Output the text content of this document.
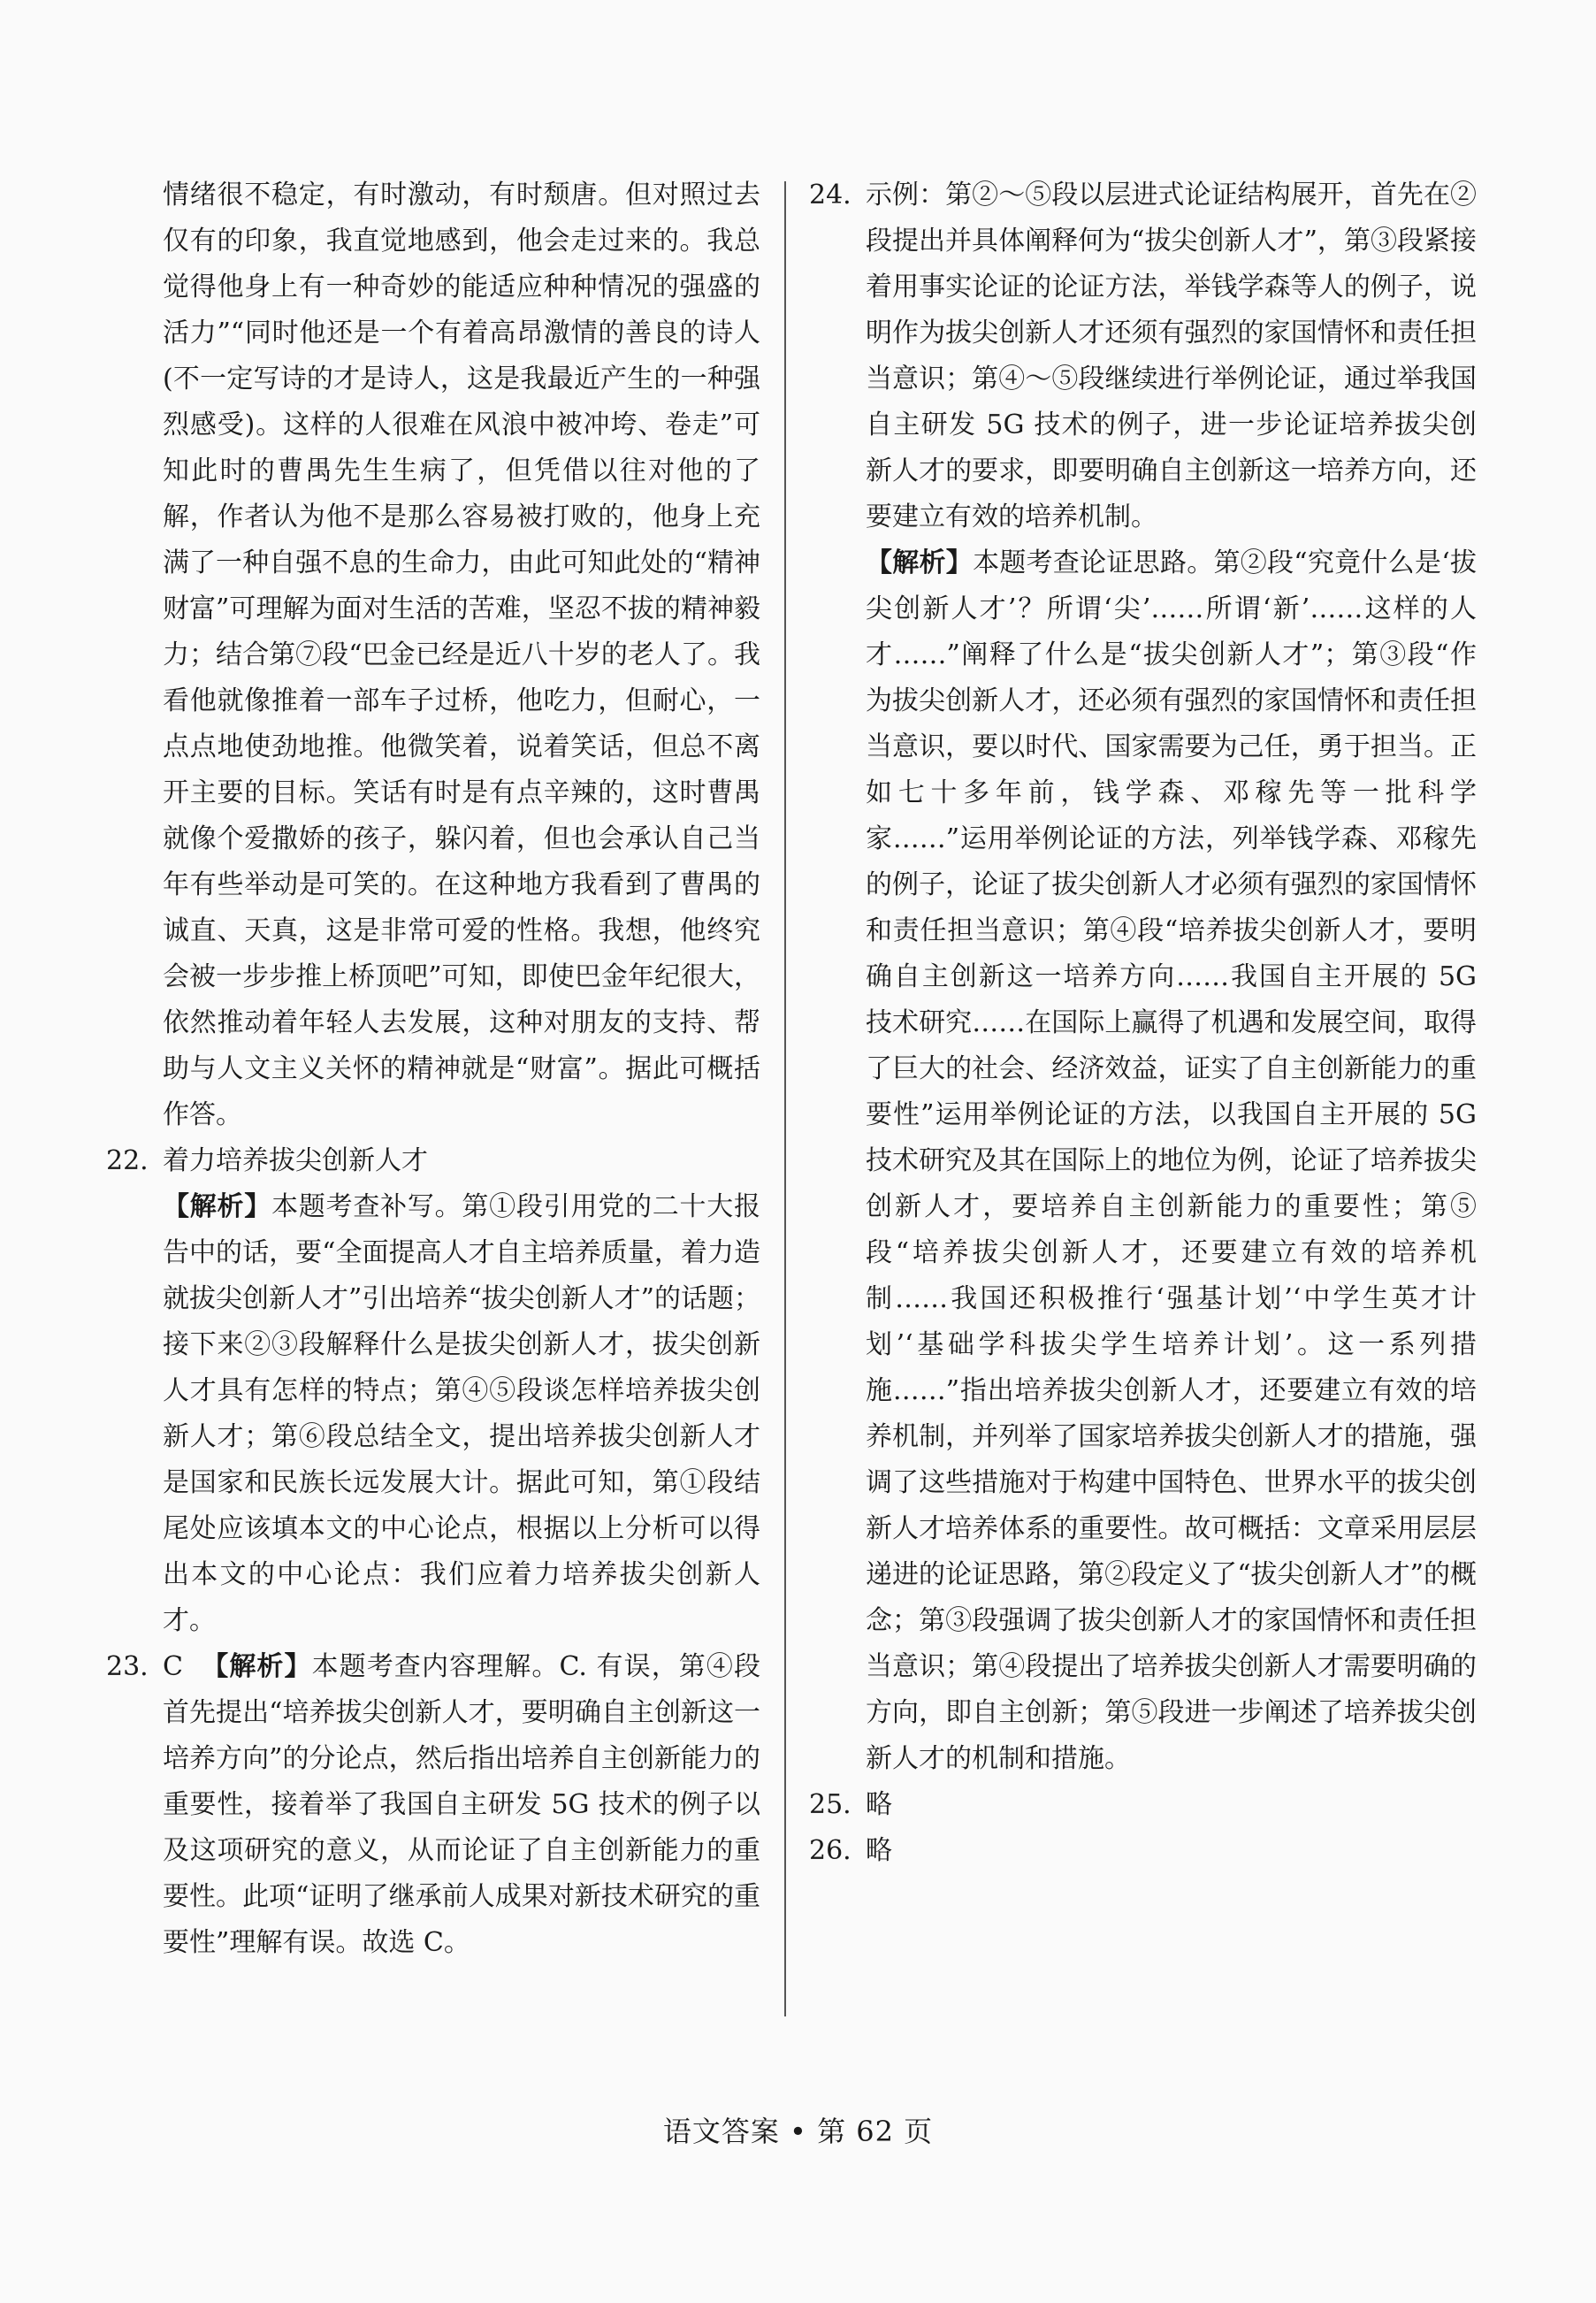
情绪很不稳定，有时激动，有时颓唐。但对照过去仅有的印象，我直觉地感到，他会走过来的。我总觉得他身上有一种奇妙的能适应种种情况的强盛的活力”“同时他还是一个有着高昂激情的善良的诗人(不一定写诗的才是诗人，这是我最近产生的一种强烈感受)。这样的人很难在风浪中被冲垮、卷走”可知此时的曹禺先生生病了，但凭借以往对他的了解，作者认为他不是那么容易被打败的，他身上充满了一种自强不息的生命力，由此可知此处的“精神财富”可理解为面对生活的苦难，坚忍不拔的精神毅力；结合第⑦段“巴金已经是近八十岁的老人了。我看他就像推着一部车子过桥，他吃力，但耐心，一点点地使劲地推。他微笑着，说着笑话，但总不离开主要的目标。笑话有时是有点辛辣的，这时曹禺就像个爱撒娇的孩子，躲闪着，但也会承认自己当年有些举动是可笑的。在这种地方我看到了曹禺的诚直、天真，这是非常可爱的性格。我想，他终究会被一步步推上桥顶吧”可知，即使巴金年纪很大，依然推动着年轻人去发展，这种对朋友的支持、帮助与人文主义关怀的精神就是“财富”。据此可概括作答。

22. 着力培养拔尖创新人才
【解析】本题考查补写。第①段引用党的二十大报告中的话，要“全面提高人才自主培养质量，着力造就拔尖创新人才”引出培养“拔尖创新人才”的话题；接下来②③段解释什么是拔尖创新人才，拔尖创新人才具有怎样的特点；第④⑤段谈怎样培养拔尖创新人才；第⑥段总结全文，提出培养拔尖创新人才是国家和民族长远发展大计。据此可知，第①段结尾处应该填本文的中心论点，根据以上分析可以得出本文的中心论点：我们应着力培养拔尖创新人才。
23. C 【解析】本题考查内容理解。C. 有误，第④段首先提出“培养拔尖创新人才，要明确自主创新这一培养方向”的分论点，然后指出培养自主创新能力的重要性，接着举了我国自主研发 5G 技术的例子以及这项研究的意义，从而论证了自主创新能力的重要性。此项“证明了继承前人成果对新技术研究的重要性”理解有误。故选 C。
24. 示例：第②～⑤段以层进式论证结构展开，首先在②段提出并具体阐释何为“拔尖创新人才”，第③段紧接着用事实论证的论证方法，举钱学森等人的例子，说明作为拔尖创新人才还须有强烈的家国情怀和责任担当意识；第④～⑤段继续进行举例论证，通过举我国自主研发 5G 技术的例子，进一步论证培养拔尖创新人才的要求，即要明确自主创新这一培养方向，还要建立有效的培养机制。
【解析】本题考查论证思路。第②段“究竟什么是‘拔尖创新人才’？所谓‘尖’……所谓‘新’……这样的人才……”阐释了什么是“拔尖创新人才”；第③段“作为拔尖创新人才，还必须有强烈的家国情怀和责任担当意识，要以时代、国家需要为己任，勇于担当。正如七十多年前，钱学森、邓稼先等一批科学家……”运用举例论证的方法，列举钱学森、邓稼先的例子，论证了拔尖创新人才必须有强烈的家国情怀和责任担当意识；第④段“培养拔尖创新人才，要明确自主创新这一培养方向……我国自主开展的 5G 技术研究……在国际上赢得了机遇和发展空间，取得了巨大的社会、经济效益，证实了自主创新能力的重要性”运用举例论证的方法，以我国自主开展的 5G 技术研究及其在国际上的地位为例，论证了培养拔尖创新人才，要培养自主创新能力的重要性；第⑤段“培养拔尖创新人才，还要建立有效的培养机制……我国还积极推行‘强基计划’‘中学生英才计划’‘基础学科拔尖学生培养计划’。这一系列措施……”指出培养拔尖创新人才，还要建立有效的培养机制，并列举了国家培养拔尖创新人才的措施，强调了这些措施对于构建中国特色、世界水平的拔尖创新人才培养体系的重要性。故可概括：文章采用层层递进的论证思路，第②段定义了“拔尖创新人才”的概念；第③段强调了拔尖创新人才的家国情怀和责任担当意识；第④段提出了培养拔尖创新人才需要明确的方向，即自主创新；第⑤段进一步阐述了培养拔尖创新人才的机制和措施。
25. 略
26. 略
语文答案 • 第 62 页
